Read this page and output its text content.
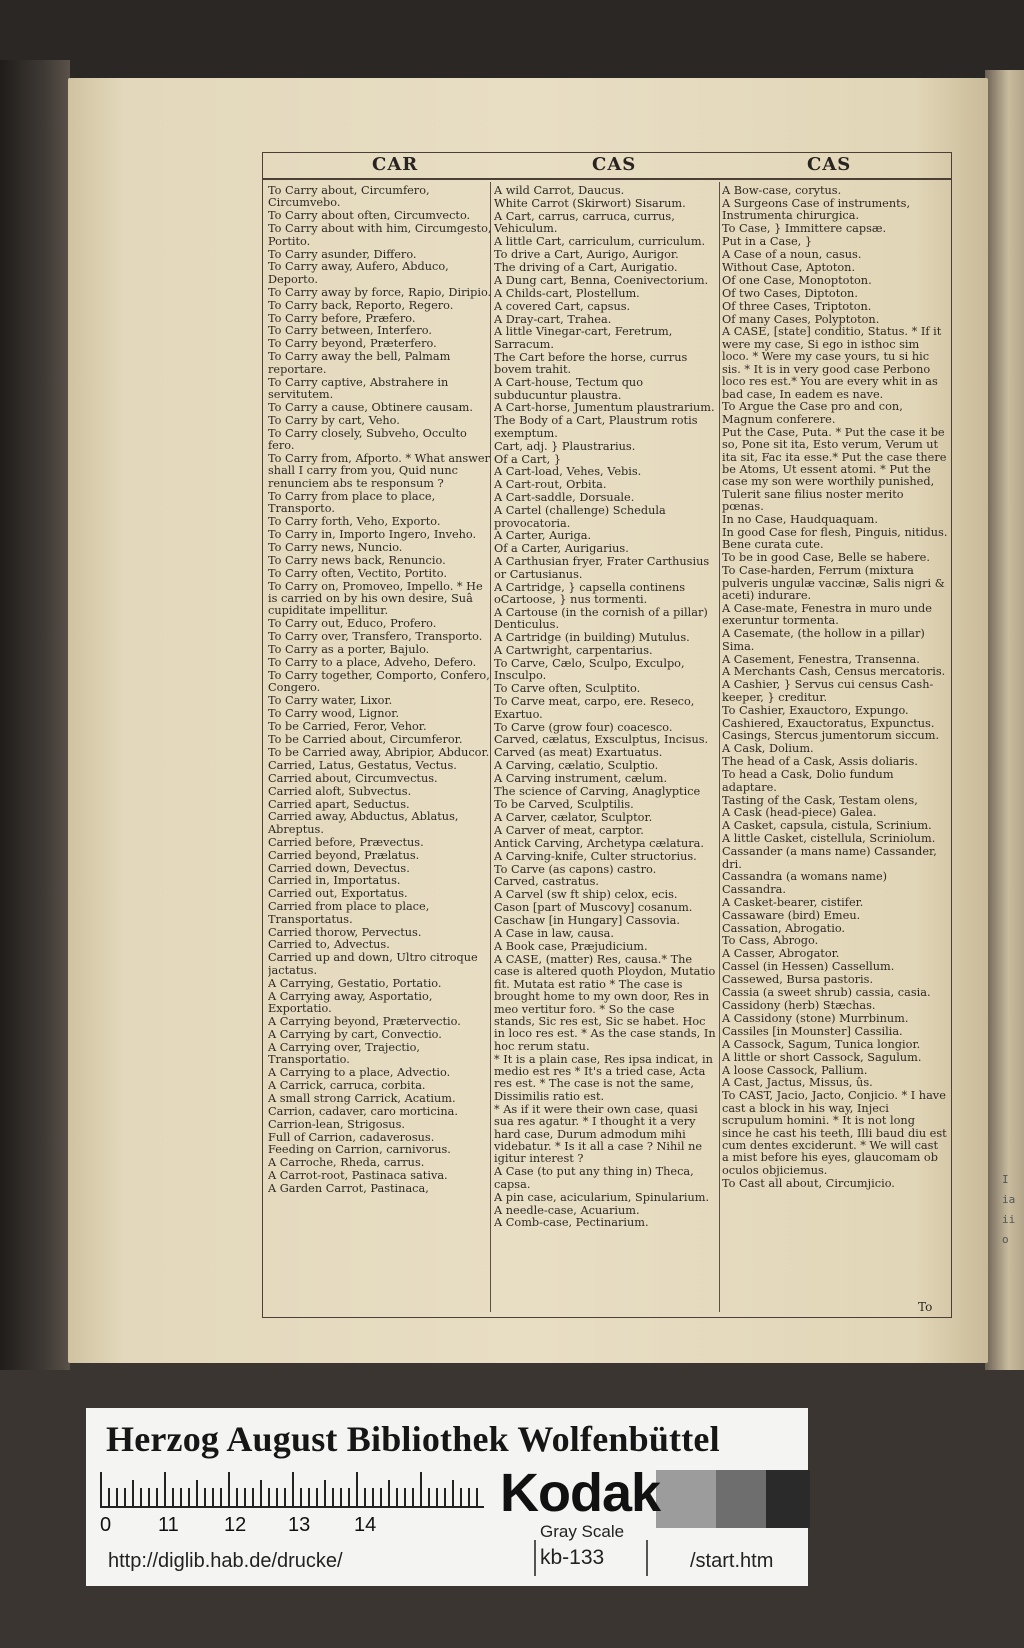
I
ia
ii
o
CAR	CAS	CAS

To Carry about, Circumfero, Circumvebo.

To Carry about often, Circumvecto.

To Carry about with him, Circumgesto, Portito.

To Carry asunder, Differo.

To Carry away, Aufero, Abduco, Deporto.

To Carry away by force, Rapio, Diripio.

To Carry back, Reporto, Regero.

To Carry before, Præfero.

To Carry between, Interfero.

To Carry beyond, Præterfero.

To Carry away the bell, Palmam reportare.

To Carry captive, Abstrahere in servitutem.

To Carry a cause, Obtinere causam.

To Carry by cart, Veho.

To Carry closely, Subveho, Occulto fero.

To Carry from, Afporto. * What answer shall I carry from you, Quid nunc renunciem abs te responsum ?

To Carry from place to place, Transporto.

To Carry forth, Veho, Exporto.

To Carry in, Importo Ingero, Inveho.

To Carry news, Nuncio.

To Carry news back, Renuncio.

To Carry often, Vectito, Portito.

To Carry on, Promoveo, Impello. * He is carried on by his own desire, Suâ cupiditate impellitur.

To Carry out, Educo, Profero.

To Carry over, Transfero, Transporto.

To Carry as a porter, Bajulo.

To Carry to a place, Adveho, Defero.

To Carry together, Comporto, Confero, Congero.

To Carry water, Lixor.

To Carry wood, Lignor.

To be Carried, Feror, Vehor.

To be Carried about, Circumferor.

To be Carried away, Abripior, Abducor.

Carried, Latus, Gestatus, Vectus.

Carried about, Circumvectus.

Carried aloft, Subvectus.

Carried apart, Seductus.

Carried away, Abductus, Ablatus, Abreptus.

Carried before, Prævectus.

Carried beyond, Prælatus.

Carried down, Devectus.

Carried in, Importatus.

Carried out, Exportatus.

Carried from place to place, Transportatus.

Carried thorow, Pervectus.

Carried to, Advectus.

Carried up and down, Ultro citroque jactatus.

A Carrying, Gestatio, Portatio.

A Carrying away, Asportatio, Exportatio.

A Carrying beyond, Prætervectio.

A Carrying by cart, Convectio.

A Carrying over, Trajectio, Transportatio.

A Carrying to a place, Advectio.

A Carrick, carruca, corbita.

A small strong Carrick, Acatium.

Carrion, cadaver, caro morticina.

Carrion-lean, Strigosus.

Full of Carrion, cadaverosus.

Feeding on Carrion, carnivorus.

A Carroche, Rheda, carrus.

A Carrot-root, Pastinaca sativa.

A Garden Carrot, Pastinaca,

A wild Carrot, Daucus.

White Carrot (Skirwort) Sisarum.

A Cart, carrus, carruca, currus, Vehiculum.

A little Cart, carriculum, curriculum.

To drive a Cart, Aurigo, Aurigor.

The driving of a Cart, Aurigatio.

A Dung cart, Benna, Coenivectorium.

A Childs-cart, Plostellum.

A covered Cart, capsus.

A Dray-cart, Trahea.

A little Vinegar-cart, Feretrum, Sarracum.

The Cart before the horse, currus bovem trahit.

A Cart-house, Tectum quo subducuntur plaustra.

A Cart-horse, Jumentum plaustrarium.

The Body of a Cart, Plaustrum rotis exemptum.

Cart, adj. } Plaustrarius.

Of a Cart, }

A Cart-load, Vehes, Vebis.

A Cart-rout, Orbita.

A Cart-saddle, Dorsuale.

A Cartel (challenge) Schedula provocatoria.

A Carter, Auriga.

Of a Carter, Aurigarius.

A Carthusian fryer, Frater Carthusius or Cartusianus.

A Cartridge, } capsella continens oCartoose, } nus tormenti.

A Cartouse (in the cornish of a pillar) Denticulus.

A Cartridge (in building) Mutulus.

A Cartwright, carpentarius.

To Carve, Cælo, Sculpo, Exculpo, Insculpo.

To Carve often, Sculptito.

To Carve meat, carpo, ere. Reseco, Exartuo.

To Carve (grow four) coacesco.

Carved, cælatus, Exsculptus, Incisus.

Carved (as meat) Exartuatus.

A Carving, cælatio, Sculptio.

A Carving instrument, cælum.

The science of Carving, Anaglyptice

To be Carved, Sculptilis.

A Carver, cælator, Sculptor.

A Carver of meat, carptor.

Antick Carving, Archetypa cælatura.

A Carving-knife, Culter structorius.

To Carve (as capons) castro.

Carved, castratus.

A Carvel (sw ft ship) celox, ecis.

Cason [part of Muscovy] cosanum.

Caschaw [in Hungary] Cassovia.

A Case in law, causa.

A Book case, Præjudicium.

A CASE, (matter) Res, causa.* The case is altered quoth Ploydon, Mutatio fit. Mutata est ratio * The case is brought home to my own door, Res in meo vertitur foro. * So the case stands, Sic res est, Sic se habet. Hoc in loco res est. * As the case stands, In hoc rerum statu.

* It is a plain case, Res ipsa indicat, in medio est res * It's a tried case, Acta res est. * The case is not the same, Dissimilis ratio est.

* As if it were their own case, quasi sua res agatur. * I thought it a very hard case, Durum admodum mihi videbatur. * Is it all a case ? Nihil ne igitur interest ?

A Case (to put any thing in) Theca, capsa.

A pin case, acicularium, Spinularium.

A needle-case, Acuarium.

A Comb-case, Pectinarium.

A Bow-case, corytus.

A Surgeons Case of instruments, Instrumenta chirurgica.

To Case, } Immittere capsæ.

Put in a Case, }

A Case of a noun, casus.

Without Case, Aptoton.

Of one Case, Monoptoton.

Of two Cases, Diptoton.

Of three Cases, Triptoton.

Of many Cases, Polyptoton.

A CASE, [state] conditio, Status. * If it were my case, Si ego in isthoc sim loco. * Were my case yours, tu si hic sis. * It is in very good case Perbono loco res est.* You are every whit in as bad case, In eadem es nave.

To Argue the Case pro and con, Magnum conferere.

Put the Case, Puta. * Put the case it be so, Pone sit ita, Esto verum, Verum ut ita sit, Fac ita esse.* Put the case there be Atoms, Ut essent atomi. * Put the case my son were worthily punished, Tulerit sane filius noster merito pœnas.

In no Case, Haudquaquam.

In good Case for flesh, Pinguis, nitidus. Bene curata cute.

To be in good Case, Belle se habere.

To Case-harden, Ferrum (mixtura pulveris ungulæ vaccinæ, Salis nigri & aceti) indurare.

A Case-mate, Fenestra in muro unde exeruntur tormenta.

A Casemate, (the hollow in a pillar) Sima.

A Casement, Fenestra, Transenna.

A Merchants Cash, Census mercatoris.

A Cashier, } Servus cui census Cash-keeper, } creditur.

To Cashier, Exauctoro, Expungo.

Cashiered, Exauctoratus, Expunctus.

Casings, Stercus jumentorum siccum.

A Cask, Dolium.

The head of a Cask, Assis doliaris.

To head a Cask, Dolio fundum adaptare.

Tasting of the Cask, Testam olens,

A Cask (head-piece) Galea.

A Casket, capsula, cistula, Scrinium.

A little Casket, cistellula, Scriniolum.

Cassander (a mans name) Cassander, dri.

Cassandra (a womans name) Cassandra.

A Casket-bearer, cistifer.

Cassaware (bird) Emeu.

Cassation, Abrogatio.

To Cass, Abrogo.

A Casser, Abrogator.

Cassel (in Hessen) Cassellum.

Cassewed, Bursa pastoris.

Cassia (a sweet shrub) cassia, casia.

Cassidony (herb) Stæchas.

A Cassidony (stone) Murrbinum.

Cassiles [in Mounster] Cassilia.

A Cassock, Sagum, Tunica longior.

A little or short Cassock, Sagulum.

A loose Cassock, Pallium.

A Cast, Jactus, Missus, ûs.

To CAST, Jacio, Jacto, Conjicio. * I have cast a block in his way, Injeci scrupulum homini. * It is not long since he cast his teeth, Illi baud diu est cum dentes exciderunt. * We will cast a mist before his eyes, glaucomam ob oculos objiciemus.

To Cast all about, Circumjicio.

To
Herzog August Bibliothek Wolfenbüttel
0 11 12 13 14
Kodak
Gray Scale
http://diglib.hab.de/drucke/	kb-133	/start.htm
